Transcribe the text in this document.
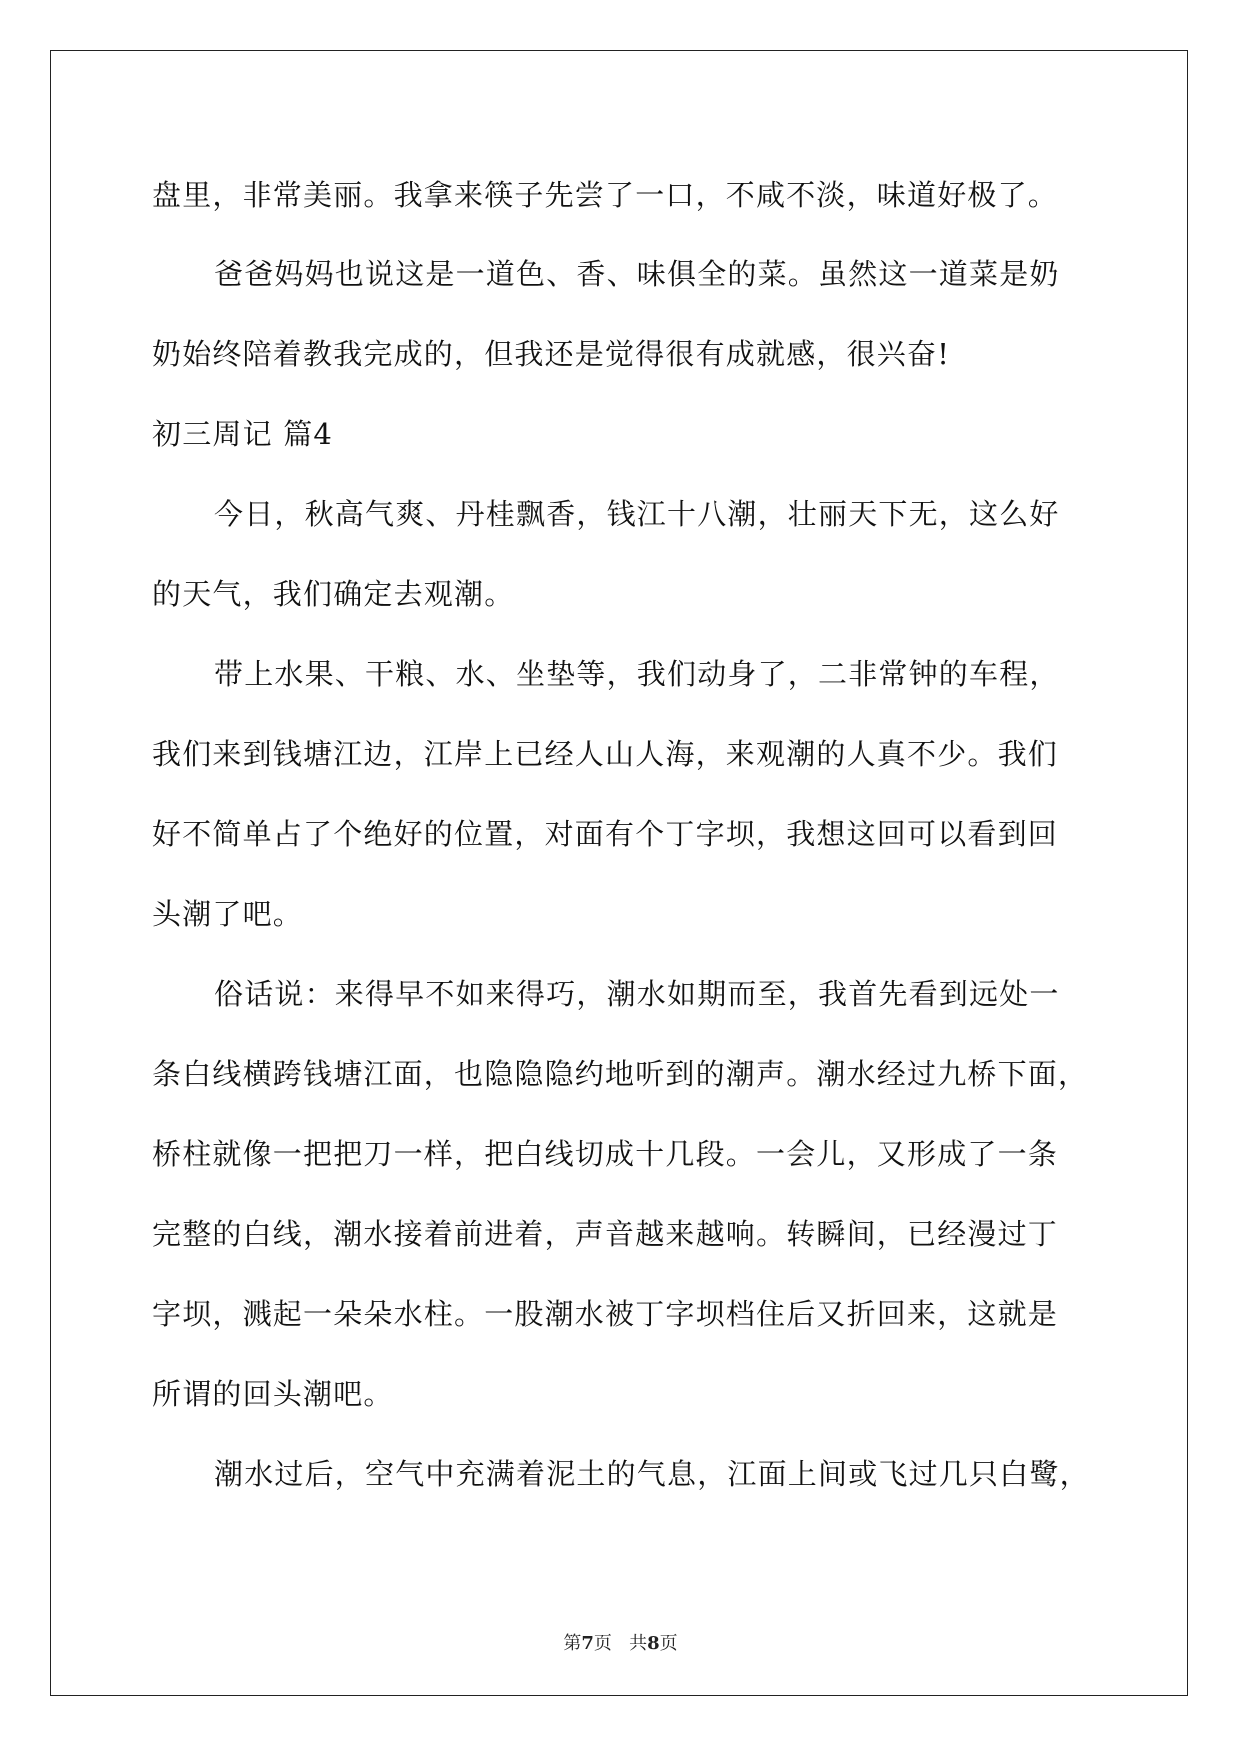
盘里，非常美丽。我拿来筷子先尝了一口，不咸不淡，味道好极了。
爸爸妈妈也说这是一道色、香、味俱全的菜。虽然这一道菜是奶
奶始终陪着教我完成的，但我还是觉得很有成就感，很兴奋!
初三周记 篇4
今日，秋高气爽、丹桂飘香，钱江十八潮，壮丽天下无，这么好
的天气，我们确定去观潮。
带上水果、干粮、水、坐垫等，我们动身了，二非常钟的车程，
我们来到钱塘江边，江岸上已经人山人海，来观潮的人真不少。我们
好不简单占了个绝好的位置，对面有个丁字坝，我想这回可以看到回
头潮了吧。
俗话说：来得早不如来得巧，潮水如期而至，我首先看到远处一
条白线横跨钱塘江面，也隐隐隐约地听到的潮声。潮水经过九桥下面，
桥柱就像一把把刀一样，把白线切成十几段。一会儿，又形成了一条
完整的白线，潮水接着前进着，声音越来越响。转瞬间，已经漫过丁
字坝，溅起一朵朵水柱。一股潮水被丁字坝档住后又折回来，这就是
所谓的回头潮吧。
潮水过后，空气中充满着泥土的气息，江面上间或飞过几只白鹭，
第7页 共8页
